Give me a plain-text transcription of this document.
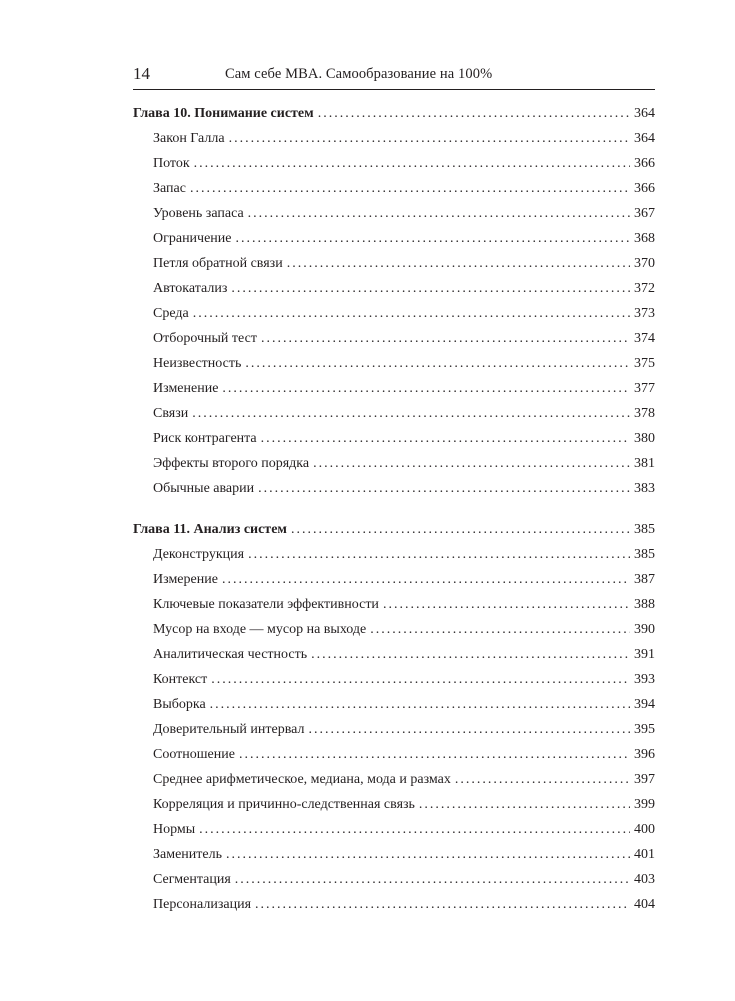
14	Сам себе MBA. Самообразование на 100%
Глава 10. Понимание систем . . .	364
Закон Галла . . .	364
Поток . . .	366
Запас . . .	366
Уровень запаса . . .	367
Ограничение . . .	368
Петля обратной связи . . .	370
Автокатализ . . .	372
Среда . . .	373
Отборочный тест . . .	374
Неизвестность . . .	375
Изменение . . .	377
Связи . . .	378
Риск контрагента . . .	380
Эффекты второго порядка . . .	381
Обычные аварии . . .	383
Глава 11. Анализ систем . . .	385
Деконструкция . . .	385
Измерение . . .	387
Ключевые показатели эффективности . . .	388
Мусор на входе — мусор на выходе . . .	390
Аналитическая честность . . .	391
Контекст . . .	393
Выборка . . .	394
Доверительный интервал . . .	395
Соотношение . . .	396
Среднее арифметическое, медиана, мода и размах . . .	397
Корреляция и причинно-следственная связь . . .	399
Нормы . . .	400
Заменитель . . .	401
Сегментация . . .	403
Персонализация . . .	404
